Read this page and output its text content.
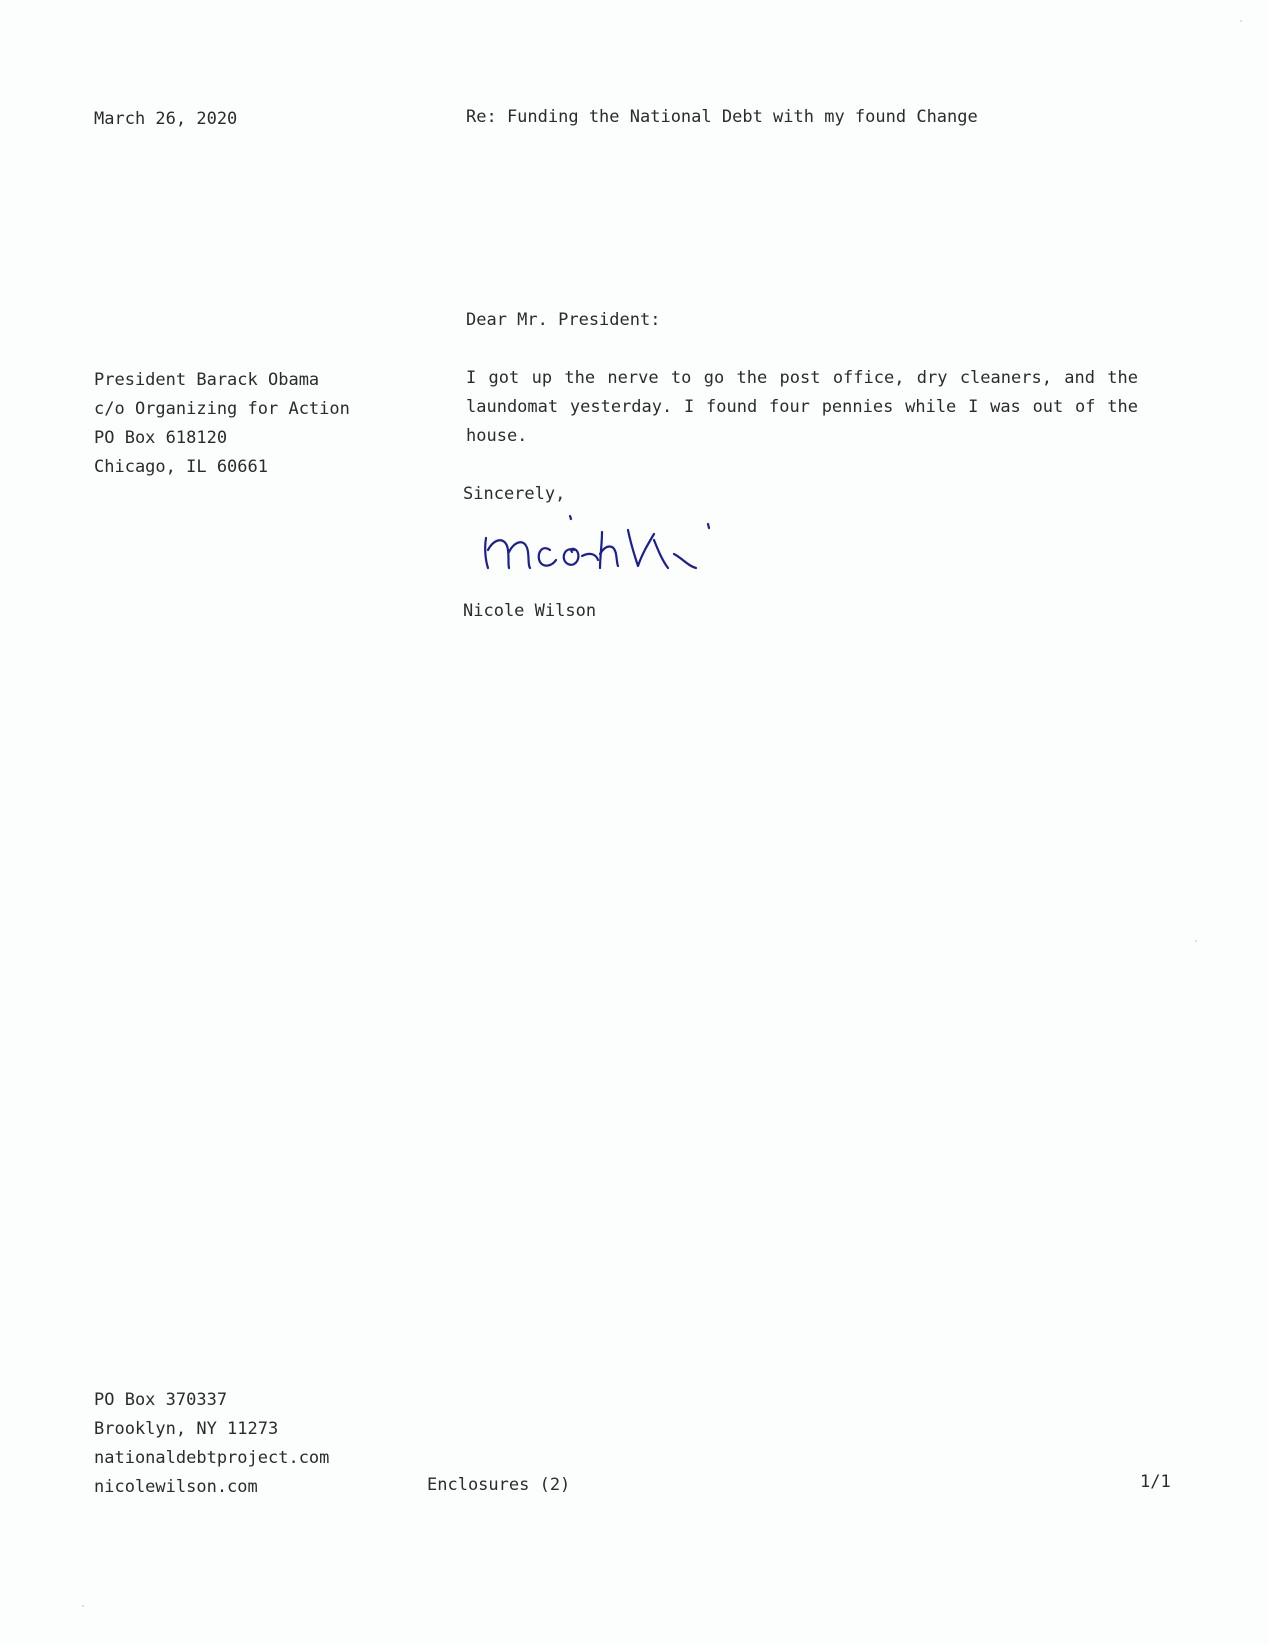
March 26, 2020	Re: Funding the National Debt with my found Change
Dear Mr. President:
President Barack Obama
c/o Organizing for Action
PO Box 618120
Chicago, IL 60661
I got up the nerve to go the post office, dry cleaners, and the laundomat yesterday. I found four pennies while I was out of the house.
Sincerely,
Nicole Wilson
PO Box 370337
Brooklyn, NY 11273
nationaldebtproject.com
nicolewilson.com	Enclosures (2)	1/1
